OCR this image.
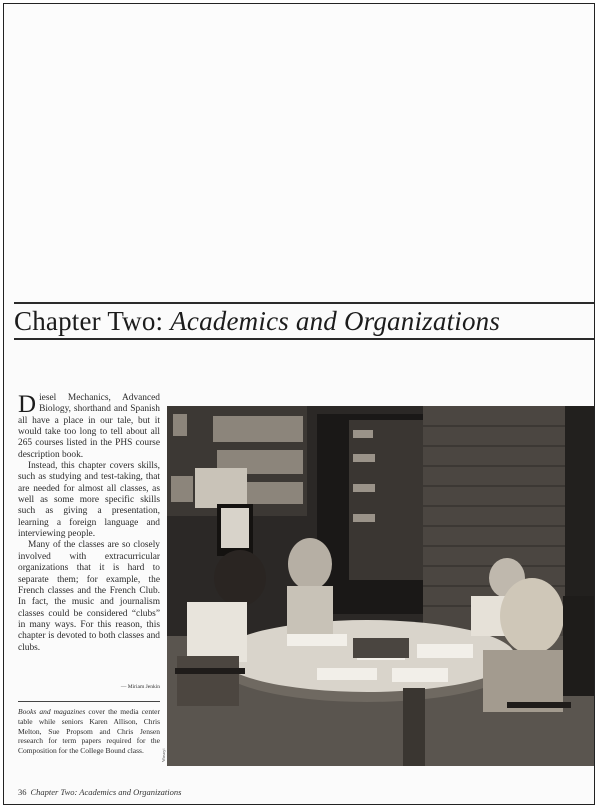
Chapter Two: Academics and Organizations

Diesel Mechanics, Advanced Biology, shorthand and Spanish all have a place in our tale, but it would take too long to tell about all 265 courses listed in the PHS course description book.

Instead, this chapter covers skills, such as studying and test-taking, that are needed for almost all classes, as well as some more specific skills such as giving a presentation, learning a foreign language and interviewing people.

Many of the classes are so closely involved with extracurricular organizations that it is hard to separate them; for example, the French classes and the French Club. In fact, the music and journalism classes could be considered “clubs” in many ways. For this reason, this chapter is devoted to both classes and clubs.

— Miriam Jenkin
Books and magazines cover the media center table while seniors Karen Allison, Chris Melton, Sue Propsom and Chris Jensen research for term papers required for the Composition for the College Bound class.	Wosnyi
36 Chapter Two: Academics and Organizations
